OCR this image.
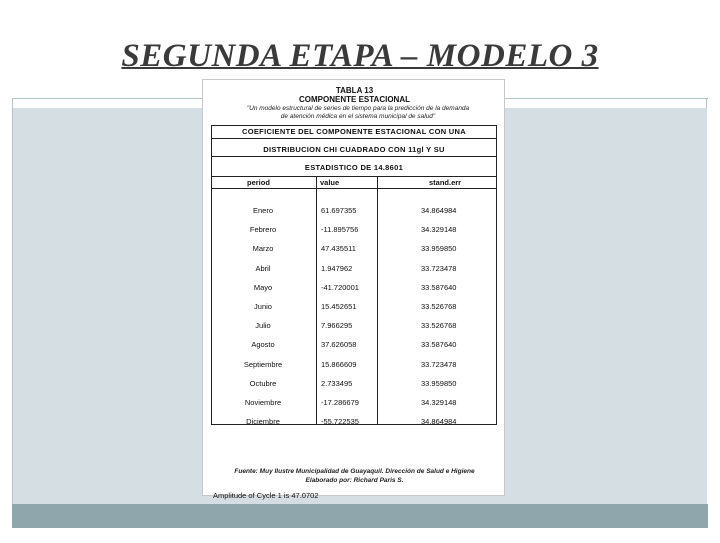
SEGUNDA ETAPA – MODELO 3
TABLA 13
COMPONENTE ESTACIONAL
"Un modelo estructural de series de tiempo para la predicción de la demanda
de atención médica en el sistema municipal de salud"
COEFICIENTE DEL COMPONENTE ESTACIONAL CON UNA
DISTRIBUCION CHI CUADRADO CON 11gl Y SU
ESTADISTICO DE 14.8601
period	value	stand.err
Enero	61.697355	34.864984
Febrero	-11.895756	34.329148
Marzo	47.435511	33.959850
Abril	1.947962	33.723478
Mayo	-41.720001	33.587640
Junio	15.452651	33.526768
Julio	7.966295	33.526768
Agosto	37.626058	33.587640
Septiembre	15.866609	33.723478
Octubre	2.733495	33.959850
Noviembre	-17.286679	34.329148
Diciembre	-55.722535	34.864984
Amplitude of Cycle 1 is 47.0702
Fuente: Muy Ilustre Municipalidad de Guayaquil. Dirección de Salud e Higiene
Elaborado por: Richard Paris S.
